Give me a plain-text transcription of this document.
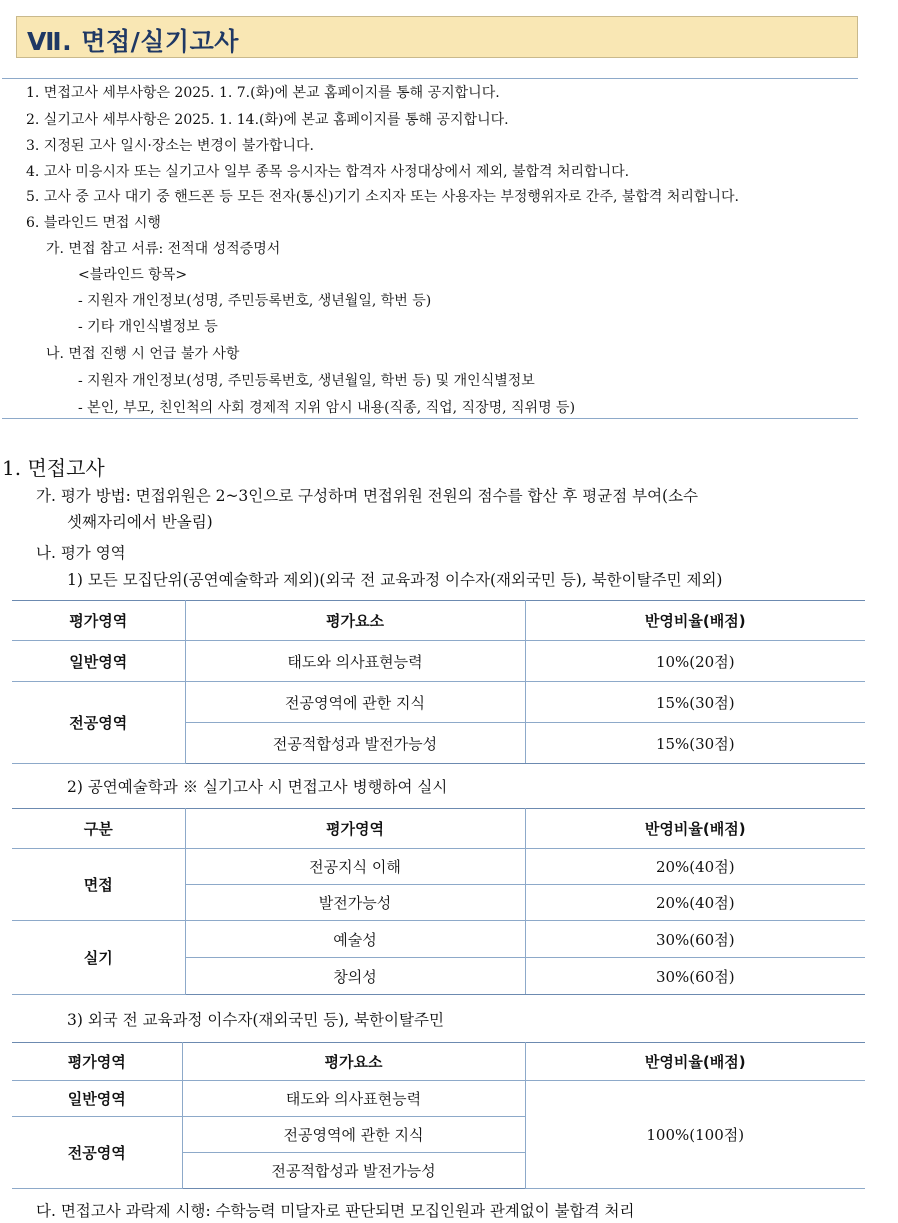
Ⅶ. 면접/실기고사
1. 면접고사 세부사항은 2025. 1. 7.(화)에 본교 홈페이지를 통해 공지합니다.
2. 실기고사 세부사항은 2025. 1. 14.(화)에 본교 홈페이지를 통해 공지합니다.
3. 지정된 고사 일시·장소는 변경이 불가합니다.
4. 고사 미응시자 또는 실기고사 일부 종목 응시자는 합격자 사정대상에서 제외, 불합격 처리합니다.
5. 고사 중 고사 대기 중 핸드폰 등 모든 전자(통신)기기 소지자 또는 사용자는 부정행위자로 간주, 불합격 처리합니다.
6. 블라인드 면접 시행
가. 면접 참고 서류: 전적대 성적증명서
<블라인드 항목>
- 지원자 개인정보(성명, 주민등록번호, 생년월일, 학번 등)
- 기타 개인식별정보 등
나. 면접 진행 시 언급 불가 사항
- 지원자 개인정보(성명, 주민등록번호, 생년월일, 학번 등) 및 개인식별정보
- 본인, 부모, 친인척의 사회 경제적 지위 암시 내용(직종, 직업, 직장명, 직위명 등)
1. 면접고사
가. 평가 방법: 면접위원은 2~3인으로 구성하며 면접위원 전원의 점수를 합산 후 평균점 부여(소수
셋째자리에서 반올림)
나. 평가 영역
1) 모든 모집단위(공연예술학과 제외)(외국 전 교육과정 이수자(재외국민 등), 북한이탈주민 제외)
평가영역	평가요소	반영비율(배점)
일반영역	태도와 의사표현능력	10%(20점)
전공영역	전공영역에 관한 지식	15%(30점)
	전공적합성과 발전가능성	15%(30점)
2) 공연예술학과 ※ 실기고사 시 면접고사 병행하여 실시
구분	평가영역	반영비율(배점)
면접	전공지식 이해	20%(40점)
	발전가능성	20%(40점)
실기	예술성	30%(60점)
	창의성	30%(60점)
3) 외국 전 교육과정 이수자(재외국민 등), 북한이탈주민
평가영역	평가요소	반영비율(배점)
일반영역	태도와 의사표현능력	100%(100점)
전공영역	전공영역에 관한 지식	
	전공적합성과 발전가능성	
다. 면접고사 과락제 시행: 수학능력 미달자로 판단되면 모집인원과 관계없이 불합격 처리
